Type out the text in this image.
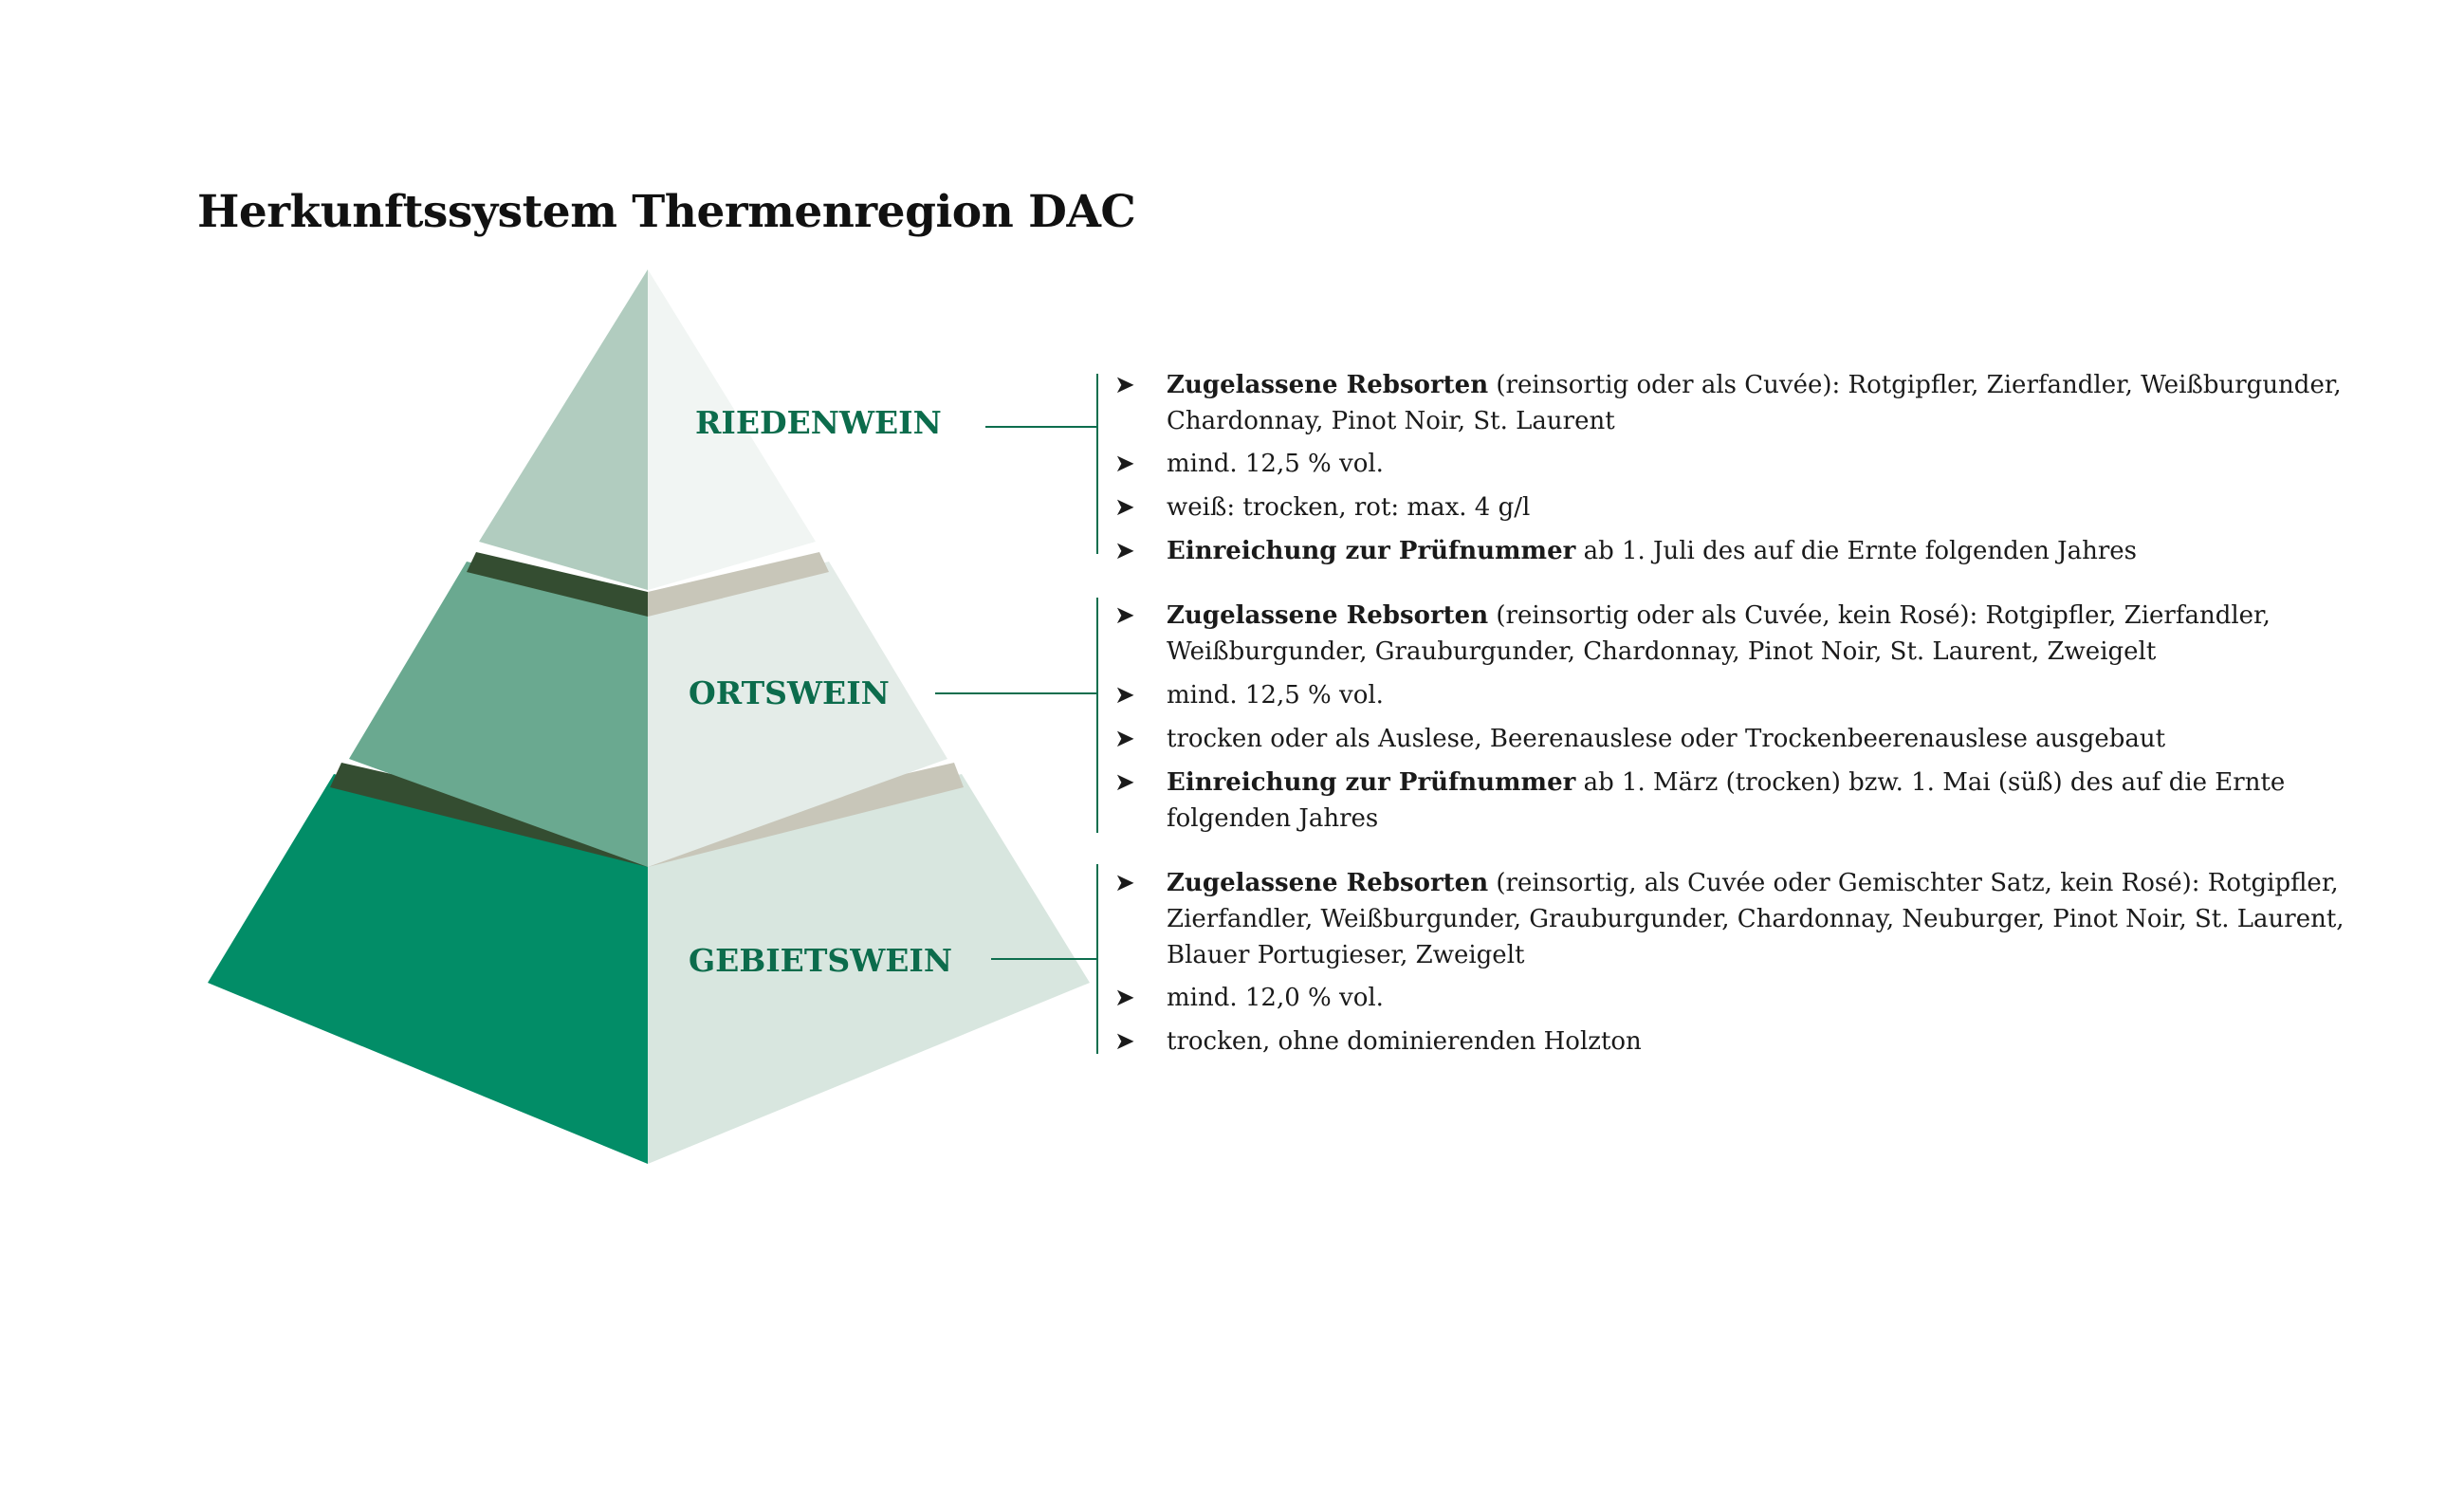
Herkunftssystem Thermenregion DAC
RIEDENWEIN
ORTSWEIN
GEBIETSWEIN
➤ Zugelassene Rebsorten (reinsortig oder als Cuvée): Rotgipfler, Zierfandler, Weißburgunder, Chardonnay, Pinot Noir, St. Laurent
➤ mind. 12,5 % vol.
➤ weiß: trocken, rot: max. 4 g/l
➤ Einreichung zur Prüfnummer ab 1. Juli des auf die Ernte folgenden Jahres
➤ Zugelassene Rebsorten (reinsortig oder als Cuvée, kein Rosé): Rotgipfler, Zierfandler, Weißburgunder, Grauburgunder, Chardonnay, Pinot Noir, St. Laurent, Zweigelt
➤ mind. 12,5 % vol.
➤ trocken oder als Auslese, Beerenauslese oder Trockenbeerenauslese ausgebaut
➤ Einreichung zur Prüfnummer ab 1. März (trocken) bzw. 1. Mai (süß) des auf die Ernte folgenden Jahres
➤ Zugelassene Rebsorten (reinsortig, als Cuvée oder Gemischter Satz, kein Rosé): Rotgipfler, Zierfandler, Weißburgunder, Grauburgunder, Chardonnay, Neuburger, Pinot Noir, St. Laurent, Blauer Portugieser, Zweigelt
➤ mind. 12,0 % vol.
➤ trocken, ohne dominierenden Holzton
